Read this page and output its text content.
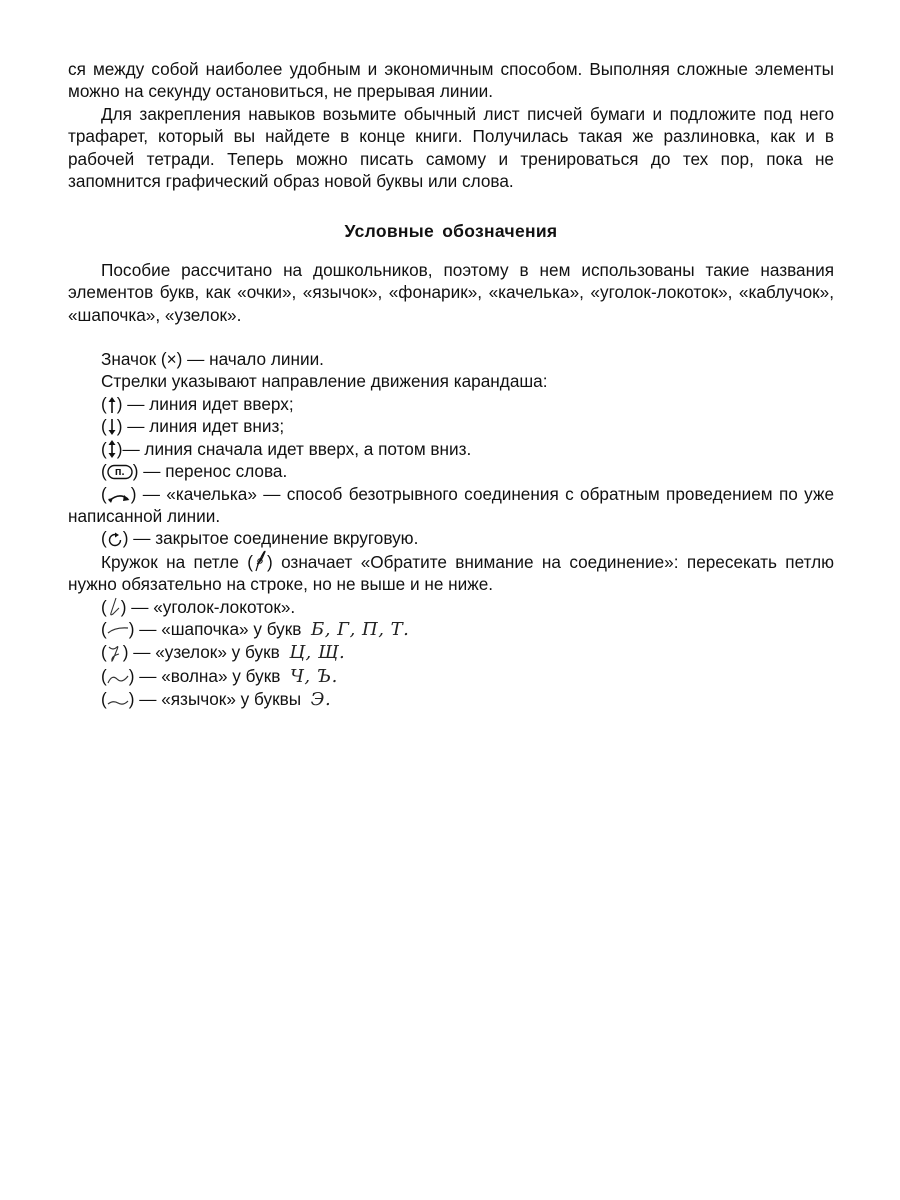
ся между собой наиболее удобным и экономичным способом. Выполняя сложные элементы можно на секунду остановиться, не прерывая линии.

Для закрепления навыков возьмите обычный лист писчей бумаги и подложите под него трафарет, который вы найдете в конце книги. Получилась такая же разлиновка, как и в рабочей тетради. Теперь можно писать самому и тренироваться до тех пор, пока не запомнится графический образ новой буквы или слова.

Условные обозначения

Пособие рассчитано на дошкольников, поэтому в нем использованы такие названия элементов букв, как «очки», «язычок», «фонарик», «качелька», «уголок-локоток», «каблучок», «шапочка», «узелок».

Значок (×) — начало линии.

Стрелки указывают направление движения карандаша:

( ) — линия идет вверх;

( ) — линия идет вниз;

( )— линия сначала идет вверх, а потом вниз.

( п. ) — перенос слова.

( ) — «качелька» — способ безотрывного соединения с обратным проведением по уже написанной линии.

( ) — закрытое соединение вкруговую.

Кружок на петле ( ) означает «Обратите внимание на соединение»: пересекать петлю нужно обязательно на строке, но не выше и не ниже.

( ) — «уголок-локоток».

( ) — «шапочка» у букв Б, Г, П, Т.

( ) — «узелок» у букв Ц, Щ.

( ) — «волна» у букв Ч, Ъ.

( ) — «язычок» у буквы Э.
